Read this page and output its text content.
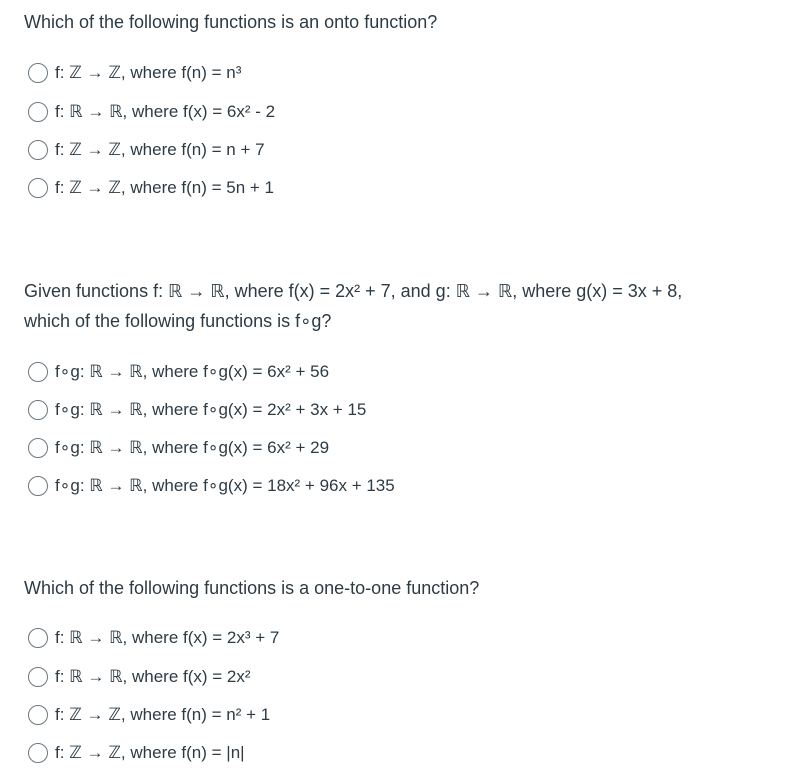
Which of the following functions is an onto function?

f: ℤ → ℤ, where f(n) = n³
f: ℝ → ℝ, where f(x) = 6x² - 2
f: ℤ → ℤ, where f(n) = n + 7
f: ℤ → ℤ, where f(n) = 5n + 1

Given functions f: ℝ → ℝ, where f(x) = 2x² + 7, and g: ℝ → ℝ, where g(x) = 3x + 8,

which of the following functions is f∘g?

f∘g: ℝ → ℝ, where f∘g(x) = 6x² + 56
f∘g: ℝ → ℝ, where f∘g(x) = 2x² + 3x + 15
f∘g: ℝ → ℝ, where f∘g(x) = 6x² + 29
f∘g: ℝ → ℝ, where f∘g(x) = 18x² + 96x + 135

Which of the following functions is a one-to-one function?

f: ℝ → ℝ, where f(x) = 2x³ + 7
f: ℝ → ℝ, where f(x) = 2x²
f: ℤ → ℤ, where f(n) = n² + 1
f: ℤ → ℤ, where f(n) = |n|
